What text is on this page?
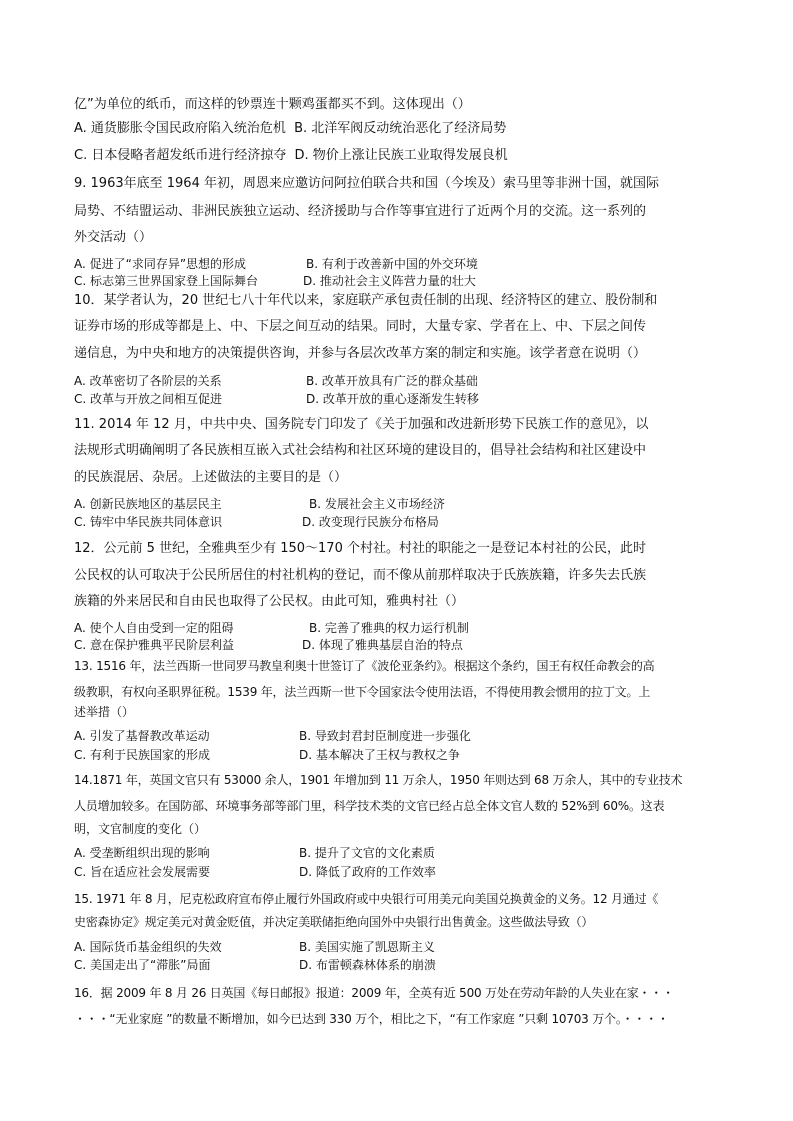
亿”为单位的纸币，而这样的钞票连十颗鸡蛋都买不到。这体现出（）
A. 通货膨胀令国民政府陷入统治危机 B. 北洋军阀反动统治恶化了经济局势
C. 日本侵略者超发纸币进行经济掠夺 D. 物价上涨让民族工业取得发展良机
9. 1963年底至 1964 年初，周恩来应邀访问阿拉伯联合共和国（今埃及）索马里等非洲十国，就国际
局势、不结盟运动、非洲民族独立运动、经济援助与合作等事宜进行了近两个月的交流。这一系列的
外交活动（）
A. 促进了“求同存异”思想的形成	B. 有利于改善新中国的外交环境
C. 标志第三世界国家登上国际舞台	D. 推动社会主义阵营力量的壮大
10．某学者认为，20 世纪七八十年代以来，家庭联产承包责任制的出现、经济特区的建立、股份制和
证券市场的形成等都是上、中、下层之间互动的结果。同时，大量专家、学者在上、中、下层之间传
递信息，为中央和地方的决策提供咨询，并参与各层次改革方案的制定和实施。该学者意在说明（）
A. 改革密切了各阶层的关系	B. 改革开放具有广泛的群众基础
C. 改革与开放之间相互促进	D. 改革开放的重心逐渐发生转移
11. 2014 年 12 月，中共中央、国务院专门印发了《关于加强和改进新形势下民族工作的意见》，以
法规形式明确阐明了各民族相互嵌入式社会结构和社区环境的建设目的，倡导社会结构和社区建设中
的民族混居、杂居。上述做法的主要目的是（）
A. 创新民族地区的基层民主	B. 发展社会主义市场经济
C. 铸牢中华民族共同体意识	D. 改变现行民族分布格局
12．公元前 5 世纪，全雅典至少有 150～170 个村社。村社的职能之一是登记本村社的公民，此时
公民权的认可取决于公民所居住的村社机构的登记，而不像从前那样取决于氏族族籍，许多失去氏族
族籍的外来居民和自由民也取得了公民权。由此可知，雅典村社（）
A. 使个人自由受到一定的阻碍	B. 完善了雅典的权力运行机制
C. 意在保护雅典平民阶层利益	D. 体现了雅典基层自治的特点
13. 1516 年，法兰西斯一世同罗马教皇利奥十世签订了《波伦亚条约》。根据这个条约，国王有权任命教会的高
级教职，有权向圣职界征税。1539 年，法兰西斯一世下令国家法令使用法语，不得使用教会惯用的拉丁文。上
述举措（）
A. 引发了基督教改革运动	B. 导致封君封臣制度进一步强化
C. 有利于民族国家的形成	D. 基本解决了王权与教权之争
14.1871 年，英国文官只有 53000 余人，1901 年增加到 11 万余人，1950 年则达到 68 万余人，其中的专业技术
人员增加较多。在国防部、环境事务部等部门里，科学技术类的文官已经占总全体文官人数的 52%到 60%。这表
明，文官制度的变化（）
A. 受垄断组织出现的影响	B. 提升了文官的文化素质
C. 旨在适应社会发展需要	D. 降低了政府的工作效率
15. 1971 年 8 月，尼克松政府宣布停止履行外国政府或中央银行可用美元向美国兑换黄金的义务。12 月通过《
史密森协定》规定美元对黄金贬值，并决定美联储拒绝向国外中央银行出售黄金。这些做法导致（）
A. 国际货币基金组织的失效	B. 美国实施了凯恩斯主义
C. 美国走出了“滞胀”局面	D. 布雷顿森林体系的崩溃
16．据 2009 年 8 月 26 日英国《每日邮报》报道：2009 年，全英有近 500 万处在劳动年龄的人失业在家・・・
・・・“无业家庭 ”的数量不断增加，如今已达到 330 万个，相比之下，“有工作家庭 ”只剩 10703 万个。・・・・
